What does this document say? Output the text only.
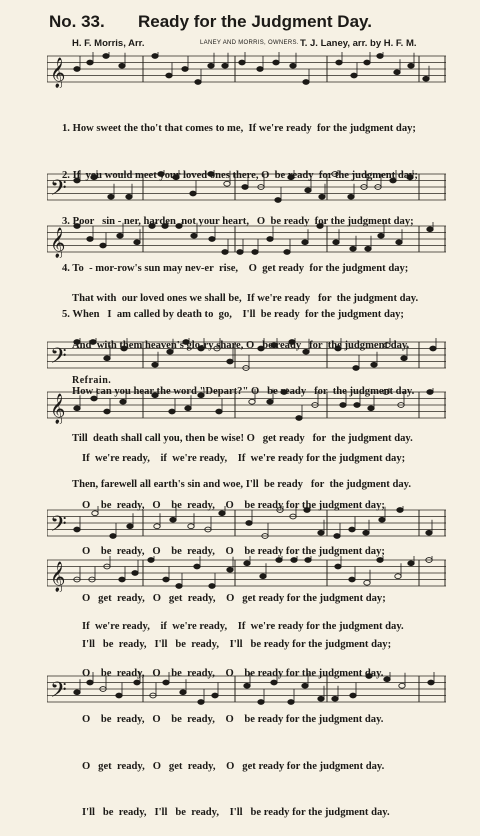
No. 33. Ready for the Judgment Day.
H. F. Morris, Arr.	LANEY AND MORRIS, OWNERS. T. J. Laney, arr. by H. F. M.
𝄞
𝄢
𝄞
𝄢
𝄞
𝄢
𝄞
𝄢

1. How sweet the tho't that comes to me,  If we're ready  for the judgment day;

2. If  you would meet your loved ones there, O  be ready  for the judgment day;

3. Poor   sin - ner, harden  not your heart,   O  be ready  for the judgment day;

4. To  - mor-row's sun may nev-er  rise,    O  get ready  for the judgment day;

5. When   I  am called by death to  go,    I'll  be ready  for the judgment day;

That with  our loved ones we shall be,  If we're ready   for  the judgment day.

And  with them heaven's glo-ry share, O   be ready   for  the judgment day.

How can you hear the word "Depart?" O   be ready   for  the judgment day.

Till  death shall call you, then be wise! O   get ready   for  the judgment day.

Then, farewell all earth's sin and woe, I'll  be ready   for  the judgment day.

Refrain.

If  we're ready,    if  we're ready,    If  we're ready for the judgment day;

O    be  ready,   O    be  ready,    O    be ready for the judgment day;

O    be  ready,   O    be  ready,    O    be ready for the judgment day;

O   get  ready,   O   get  ready,    O   get ready for the judgment day;

I'll   be  ready,   I'll   be  ready,    I'll   be ready for the judgment day;

If  we're ready,    if  we're ready,    If  we're ready for the judgment day.

O    be  ready,   O    be  ready,    O    be ready for the judgment day.

O    be  ready,   O    be  ready,    O    be ready for the judgment day.

O   get  ready,   O   get  ready,    O   get ready for the judgment day.

I'll   be  ready,   I'll   be  ready,    I'll   be ready for the judgment day.
